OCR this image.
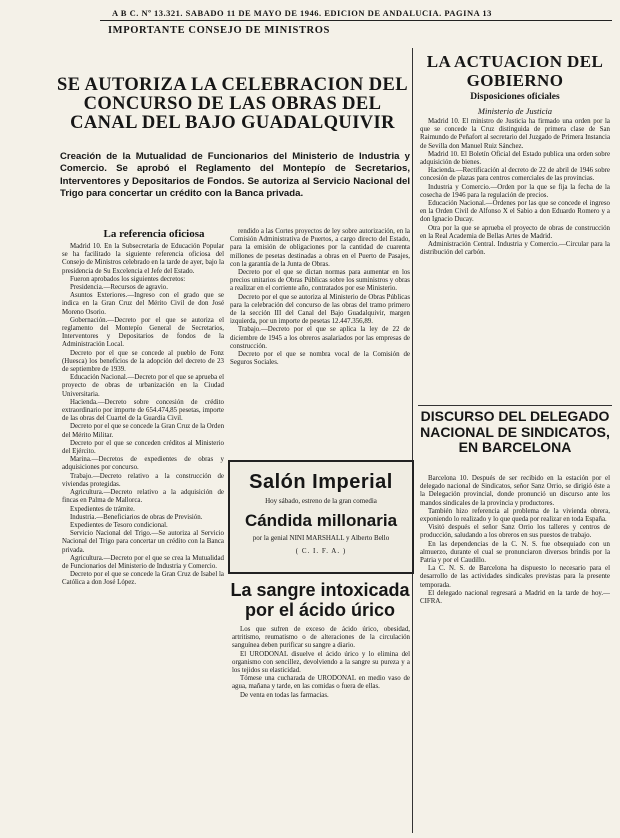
A B C. Nº 13.321. SABADO 11 DE MAYO DE 1946. EDICION DE ANDALUCIA. PAGINA 13
IMPORTANTE CONSEJO DE MINISTROS
SE AUTORIZA LA CELEBRACION DEL CONCURSO DE LAS OBRAS DEL CANAL DEL BAJO GUADALQUIVIR
Creación de la Mutualidad de Funcionarios del Ministerio de Industria y Comercio. Se aprobó el Reglamento del Montepío de Secretarios, Interventores y Depositarios de Fondos. Se autoriza al Servicio Nacional del Trigo para concertar un crédito con la Banca privada.
La referencia oficiosa

Madrid 10. En la Subsecretaría de Educación Popular se ha facilitado la siguiente referencia oficiosa del Consejo de Ministros celebrado en la tarde de ayer, bajo la presidencia de Su Excelencia el Jefe del Estado.

Fueron aprobados los siguientes decretos:

Presidencia.—Recursos de agravio.

Asuntos Exteriores.—Ingreso con el grado que se indica en la Gran Cruz del Mérito Civil de don José Moreno Osorio.

Gobernación.—Decreto por el que se autoriza el reglamento del Montepío General de Secretarios, Interventores y Depositarios de fondos de la Administración Local.

Decreto por el que se concede al pueblo de Fonz (Huesca) los beneficios de la adopción del decreto de 23 de septiembre de 1939.

Educación Nacional.—Decreto por el que se aprueba el proyecto de obras de urbanización en la Ciudad Universitaria.

Hacienda.—Decreto sobre concesión de crédito extraordinario por importe de 654.474,85 pesetas, importe de las obras del Cuartel de la Guardia Civil.

Decreto por el que se concede la Gran Cruz de la Orden del Mérito Militar.

Decreto por el que se conceden créditos al Ministerio del Ejército.

Marina.—Decretos de expedientes de obras y adquisiciones por concurso.

Trabajo.—Decreto relativo a la construcción de viviendas protegidas.

Agricultura.—Decreto relativo a la adquisición de fincas en Palma de Mallorca.

Expedientes de trámite.

Industria.—Beneficiarios de obras de Previsión.

Expedientes de Tesoro condicional.

Servicio Nacional del Trigo.—Se autoriza al Servicio Nacional del Trigo para concertar un crédito con la Banca privada.

Agricultura.—Decreto por el que se crea la Mutualidad de Funcionarios del Ministerio de Industria y Comercio.

Decreto por el que se concede la Gran Cruz de Isabel la Católica a don José López.

rendido a las Cortes proyectos de ley sobre autorización, en la Comisión Administrativa de Puertos, a cargo directo del Estado, para la emisión de obligaciones por la cantidad de cuarenta millones de pesetas destinadas a obras en el Puerto de Pasajes, con la garantía de la Junta de Obras.

Decreto por el que se dictan normas para aumentar en los precios unitarios de Obras Públicas sobre los suministros y obras a realizar en el corriente año, contratados por ese Ministerio.

Decreto por el que se autoriza al Ministerio de Obras Públicas para la celebración del concurso de las obras del tramo primero de la sección III del Canal del Bajo Guadalquivir, margen izquierda, por un importe de pesetas 12.447.356,89.

Trabajo.—Decreto por el que se aplica la ley de 22 de diciembre de 1945 a los obreros asalariados por las empresas de construcción.

Decreto por el que se nombra vocal de la Comisión de Seguros Sociales.

Salón Imperial
Hoy sábado, estreno de la gran comedia
Cándida millonaria
por la genial NINI MARSHALL y Alberto Bello
( C. I. F. A. )
La sangre intoxicada por el ácido úrico

Los que sufren de exceso de ácido úrico, obesidad, artritismo, reumatismo o de alteraciones de la circulación sanguínea deben purificar su sangre a diario.

El URODONAL disuelve el ácido úrico y lo elimina del organismo con sencillez, devolviendo a la sangre su pureza y a los tejidos su elasticidad.

Tómese una cucharada de URODONAL en medio vaso de agua, mañana y tarde, en las comidas o fuera de ellas.

De venta en todas las farmacias.

LA ACTUACION DEL GOBIERNO
Disposiciones oficiales
Ministerio de Justicia

Madrid 10. El ministro de Justicia ha firmado una orden por la que se concede la Cruz distinguida de primera clase de San Raimundo de Peñafort al secretario del Juzgado de Primera Instancia de Sevilla don Manuel Ruiz Sánchez.

Madrid 10. El Boletín Oficial del Estado publica una orden sobre adquisición de bienes.

Hacienda.—Rectificación al decreto de 22 de abril de 1946 sobre concesión de plazas para centros comerciales de las provincias.

Industria y Comercio.—Orden por la que se fija la fecha de la cosecha de 1946 para la regulación de precios.

Educación Nacional.—Órdenes por las que se concede el ingreso en la Orden Civil de Alfonso X el Sabio a don Eduardo Romero y a don Ignacio Ducay.

Otra por la que se aprueba el proyecto de obras de construcción en la Real Academia de Bellas Artes de Madrid.

Administración Central. Industria y Comercio.—Circular para la distribución del carbón.

DISCURSO DEL DELEGADO NACIONAL DE SINDICATOS, EN BARCELONA

Barcelona 10. Después de ser recibido en la estación por el delegado nacional de Sindicatos, señor Sanz Orrio, se dirigió éste a la Delegación provincial, donde pronunció un discurso ante los mandos sindicales de la provincia y productores.

También hizo referencia al problema de la vivienda obrera, exponiendo lo realizado y lo que queda por realizar en toda España.

Visitó después el señor Sanz Orrio los talleres y centros de producción, saludando a los obreros en sus puestos de trabajo.

En las dependencias de la C. N. S. fue obsequiado con un almuerzo, durante el cual se pronunciaron diversos brindis por la Patria y por el Caudillo.

La C. N. S. de Barcelona ha dispuesto lo necesario para el desarrollo de las actividades sindicales previstas para la presente temporada.

El delegado nacional regresará a Madrid en la tarde de hoy.—CIFRA.
